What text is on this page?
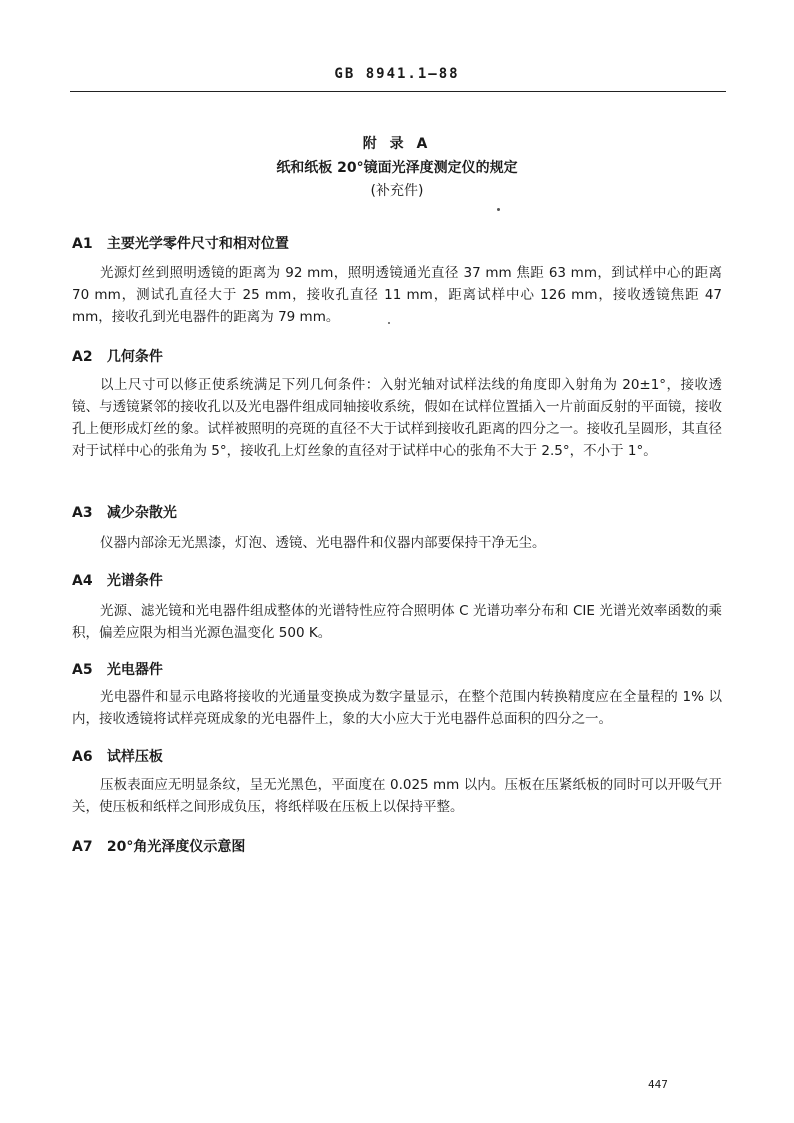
GB 8941.1—88
附 录 A
纸和纸板 20°镜面光泽度测定仪的规定
(补充件)
A1 主要光学零件尺寸和相对位置
光源灯丝到照明透镜的距离为 92 mm，照明透镜通光直径 37 mm 焦距 63 mm，到试样中心的距离 70 mm，测试孔直径大于 25 mm，接收孔直径 11 mm，距离试样中心 126 mm，接收透镜焦距 47 mm，接收孔到光电器件的距离为 79 mm。
A2 几何条件
以上尺寸可以修正使系统满足下列几何条件：入射光轴对试样法线的角度即入射角为 20±1°，接收透镜、与透镜紧邻的接收孔以及光电器件组成同轴接收系统，假如在试样位置插入一片前面反射的平面镜，接收孔上便形成灯丝的象。试样被照明的亮斑的直径不大于试样到接收孔距离的四分之一。接收孔呈圆形，其直径对于试样中心的张角为 5°，接收孔上灯丝象的直径对于试样中心的张角不大于 2.5°，不小于 1°。
A3 减少杂散光
仪器内部涂无光黑漆，灯泡、透镜、光电器件和仪器内部要保持干净无尘。
A4 光谱条件
光源、滤光镜和光电器件组成整体的光谱特性应符合照明体 C 光谱功率分布和 CIE 光谱光效率函数的乘积，偏差应限为相当光源色温变化 500 K。
A5 光电器件
光电器件和显示电路将接收的光通量变换成为数字量显示，在整个范围内转换精度应在全量程的 1% 以内，接收透镜将试样亮斑成象的光电器件上，象的大小应大于光电器件总面积的四分之一。
A6 试样压板
压板表面应无明显条纹，呈无光黑色，平面度在 0.025 mm 以内。压板在压紧纸板的同时可以开吸气开关，使压板和纸样之间形成负压，将纸样吸在压板上以保持平整。
A7 20°角光泽度仪示意图
447
